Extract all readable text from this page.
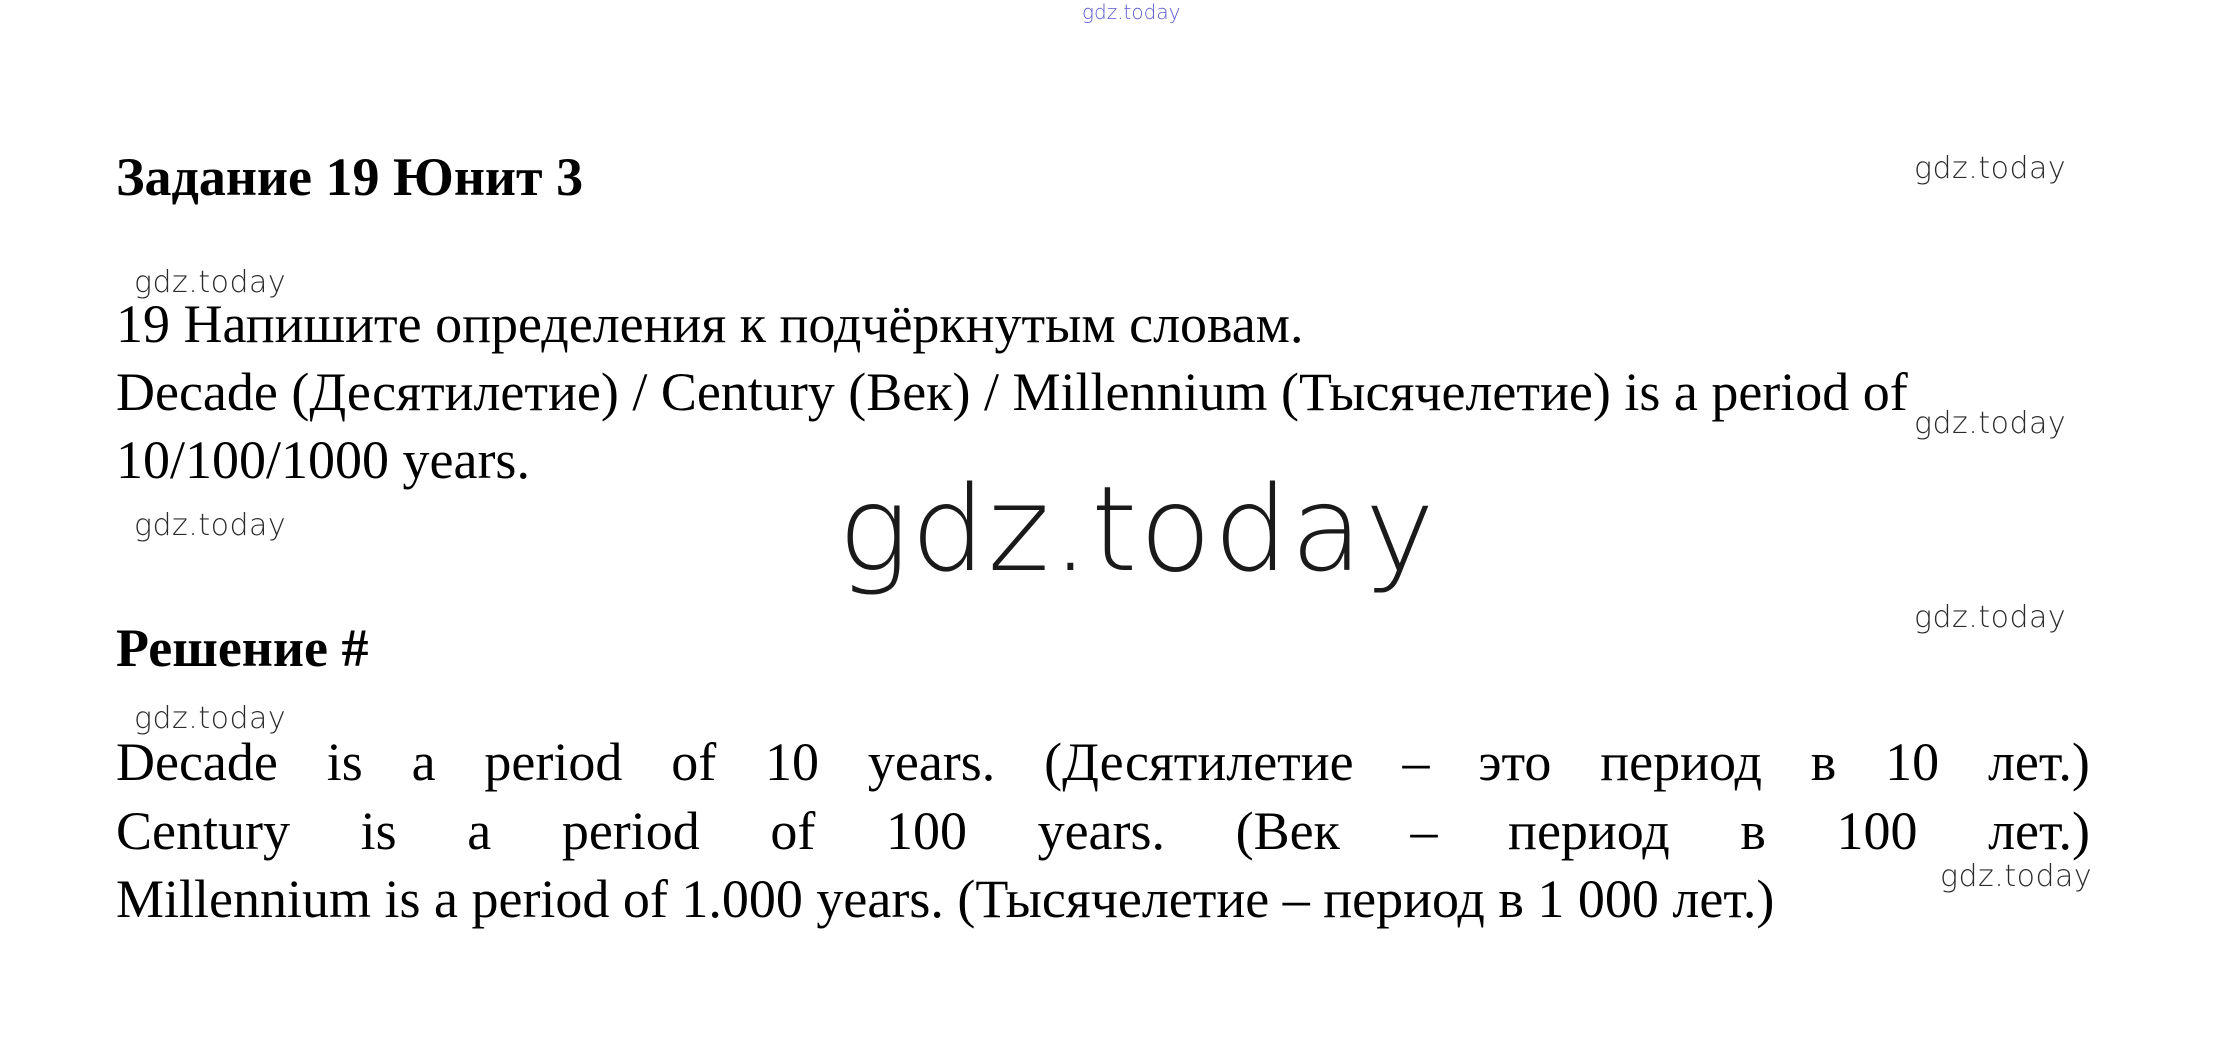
gdz.today
gdz.today
gdz.today
gdz.today
gdz.today
gdz.today
gdz.today
gdz.today
gdz.today
Задание 19 Юнит 3
19 Напишите определения к подчёркнутым словам.
Decade (Десятилетие) / Century (Век) / Millennium (Тысячелетие) is a period of
10/100/1000 years.
Решение #
Decade is a period of 10 years. (Десятилетие – это период в 10 лет.)
Century is a period of 100 years. (Век – период в 100 лет.)
Millennium is a period of 1.000 years. (Тысячелетие – период в 1 000 лет.)
